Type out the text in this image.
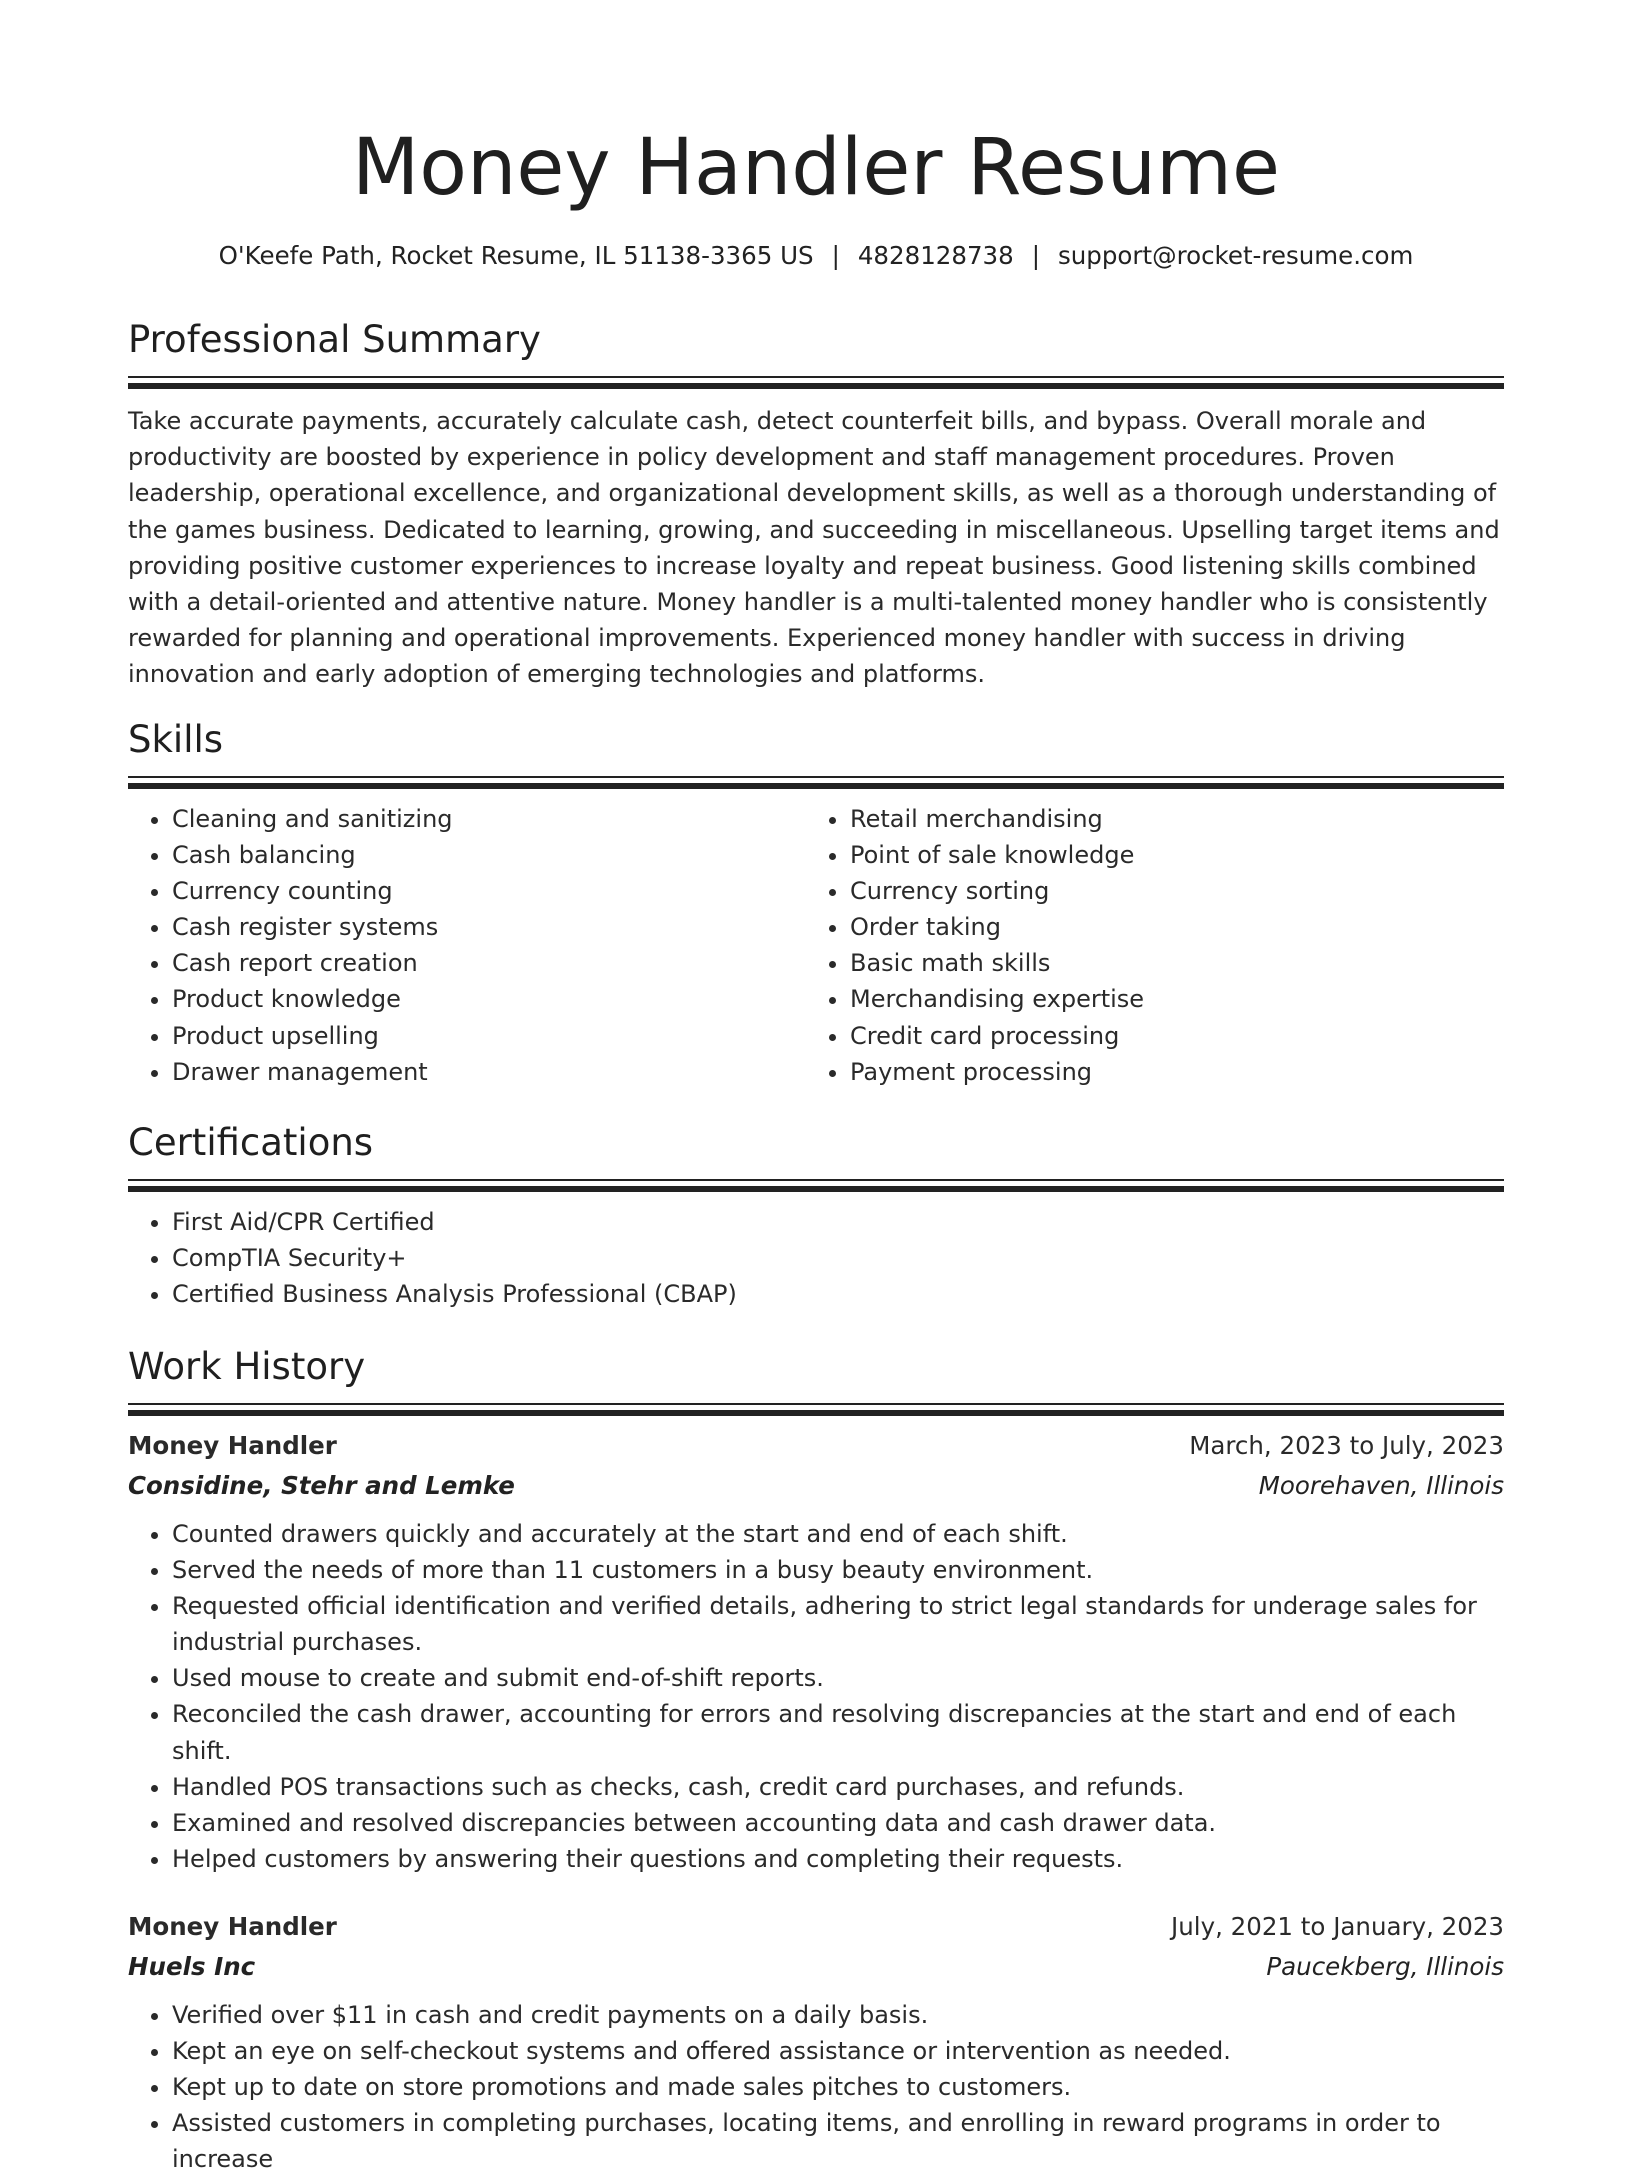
Money Handler Resume
O'Keefe Path, Rocket Resume, IL 51138-3365 US | 4828128738 | support@rocket-resume.com
Professional Summary

Take accurate payments, accurately calculate cash, detect counterfeit bills, and bypass. Overall morale and productivity are boosted by experience in policy development and staff management procedures. Proven leadership, operational excellence, and organizational development skills, as well as a thorough understanding of the games business. Dedicated to learning, growing, and succeeding in miscellaneous. Upselling target items and providing positive customer experiences to increase loyalty and repeat business. Good listening skills combined with a detail-oriented and attentive nature. Money handler is a multi-talented money handler who is consistently rewarded for planning and operational improvements. Experienced money handler with success in driving innovation and early adoption of emerging technologies and platforms.

Skills
• Cleaning and sanitizing
• Cash balancing
• Currency counting
• Cash register systems
• Cash report creation
• Product knowledge
• Product upselling
• Drawer management
• Retail merchandising
• Point of sale knowledge
• Currency sorting
• Order taking
• Basic math skills
• Merchandising expertise
• Credit card processing
• Payment processing
Certifications
• First Aid/CPR Certified
• CompTIA Security+
• Certified Business Analysis Professional (CBAP)
Work History
Money Handler	March, 2023 to July, 2023
Considine, Stehr and Lemke	Moorehaven, Illinois
• Counted drawers quickly and accurately at the start and end of each shift.
• Served the needs of more than 11 customers in a busy beauty environment.
• Requested official identification and verified details, adhering to strict legal standards for underage sales for industrial purchases.
• Used mouse to create and submit end-of-shift reports.
• Reconciled the cash drawer, accounting for errors and resolving discrepancies at the start and end of each shift.
• Handled POS transactions such as checks, cash, credit card purchases, and refunds.
• Examined and resolved discrepancies between accounting data and cash drawer data.
• Helped customers by answering their questions and completing their requests.
Money Handler	July, 2021 to January, 2023
Huels Inc	Paucekberg, Illinois
• Verified over $11 in cash and credit payments on a daily basis.
• Kept an eye on self-checkout systems and offered assistance or intervention as needed.
• Kept up to date on store promotions and made sales pitches to customers.
• Assisted customers in completing purchases, locating items, and enrolling in reward programs in order to increase
